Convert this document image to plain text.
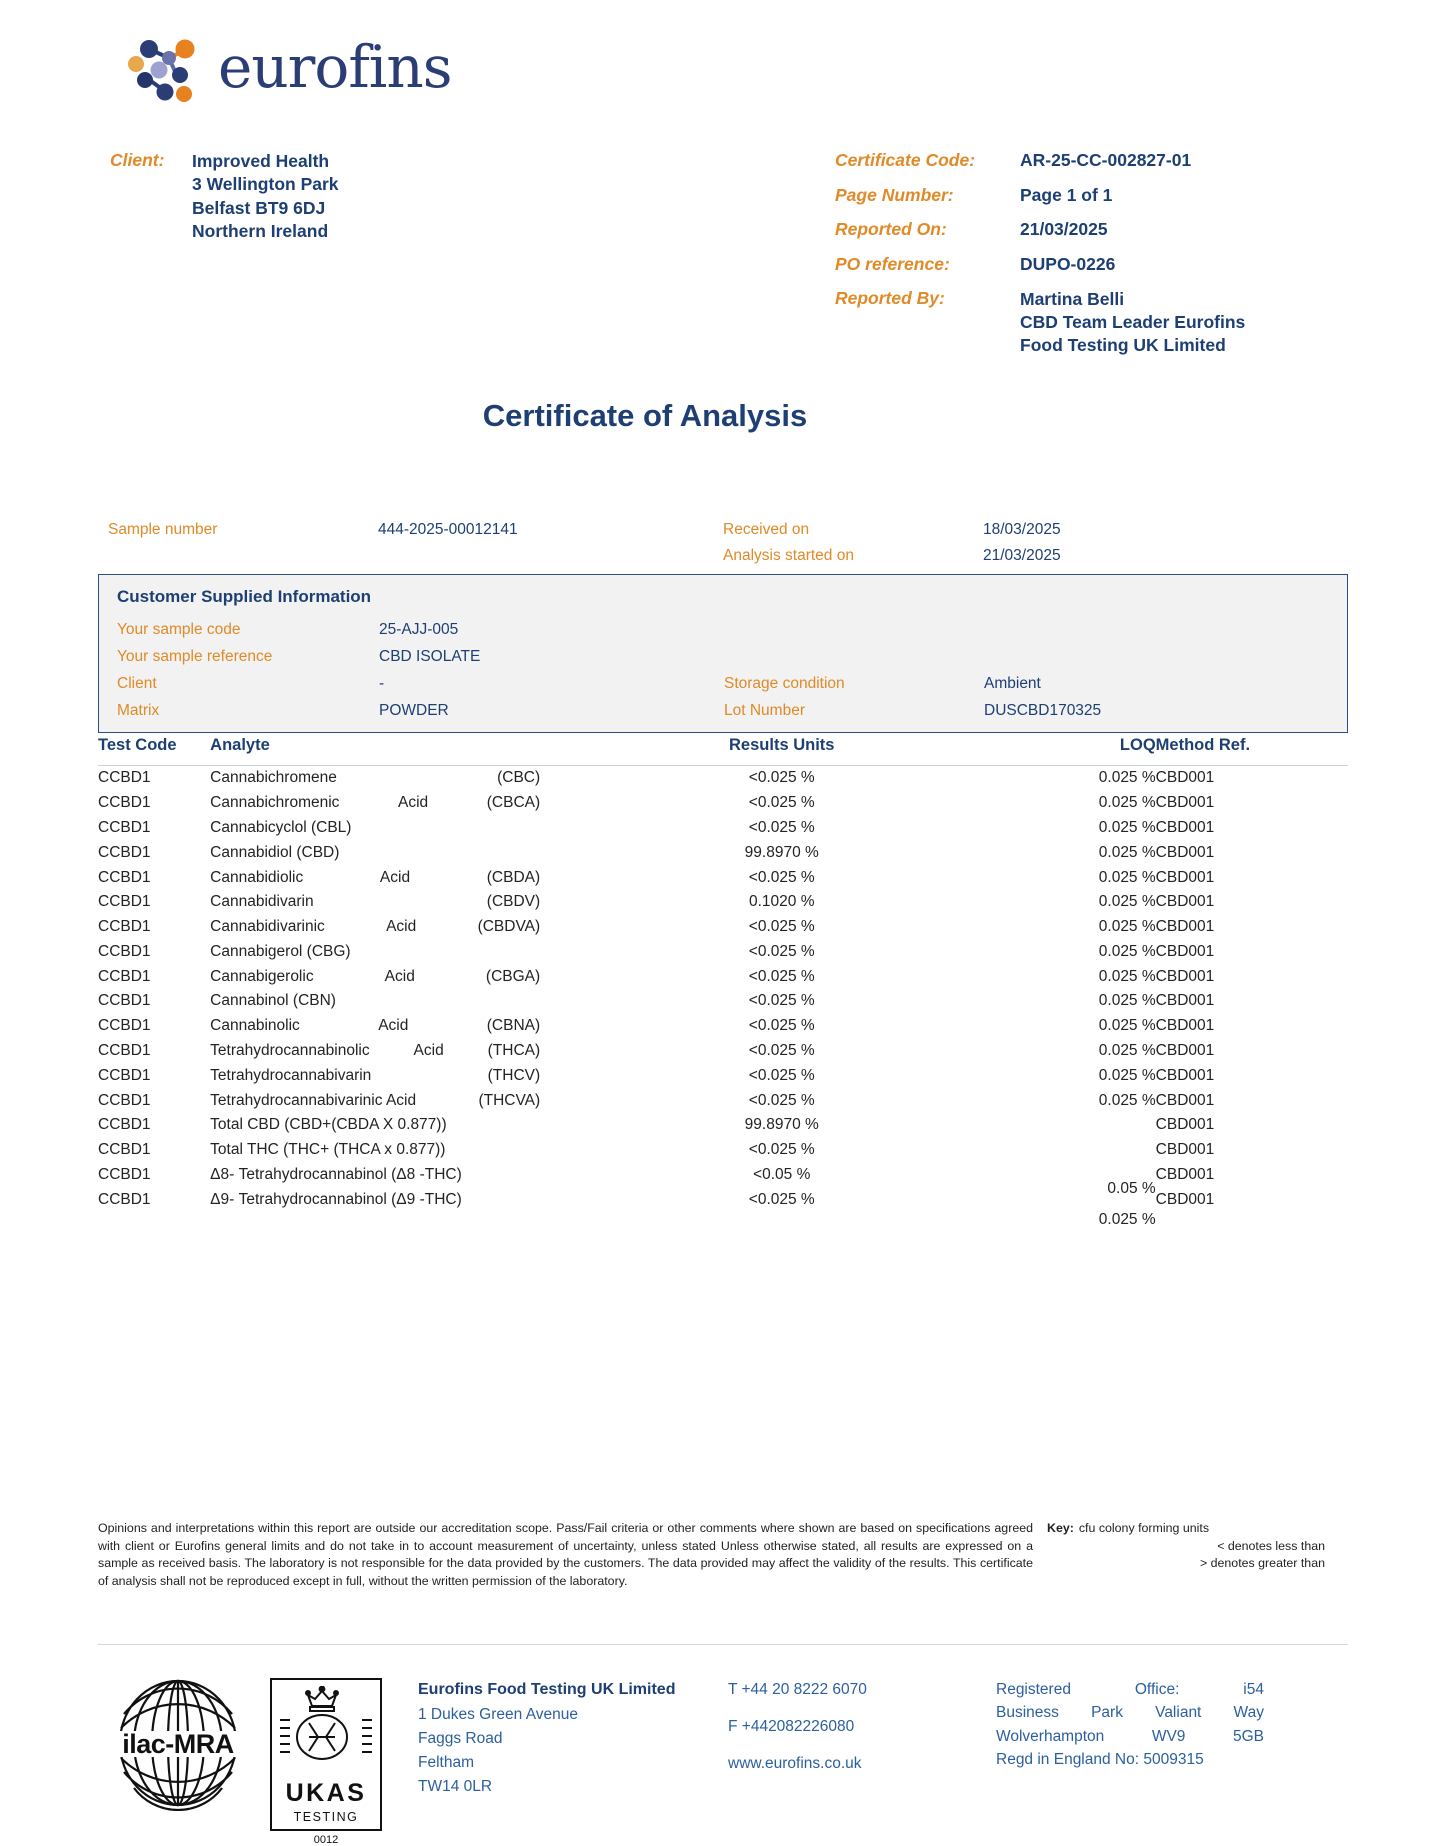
eurofins
Client:	Improved Health
3 Wellington Park
Belfast BT9 6DJ
Northern Ireland
Certificate Code:	AR-25-CC-002827-01
Page Number:	Page 1 of 1
Reported On:	21/03/2025
PO reference:	DUPO-0226
Reported By:	Martina Belli
CBD Team Leader Eurofins
Food Testing UK Limited
Certificate of Analysis
Sample number	444-2025-00012141	Received on	18/03/2025
Analysis started on	21/03/2025
Customer Supplied Information
Your sample code	25-AJJ-005
Your sample reference	CBD ISOLATE
Client	-	Storage condition	Ambient
Matrix	POWDER	Lot Number	DUSCBD170325
Test Code	Analyte	Results Units	LOQ	Method Ref.
CCBD1	Cannabichromene (CBC)	<0.025 %	0.025 %	CBD001
CCBD1	Cannabichromenic Acid (CBCA)	<0.025 %	0.025 %	CBD001
CCBD1	Cannabicyclol (CBL)	<0.025 %	0.025 %	CBD001
CCBD1	Cannabidiol (CBD)	99.8970 %	0.025 %	CBD001
CCBD1	Cannabidiolic Acid (CBDA)	<0.025 %	0.025 %	CBD001
CCBD1	Cannabidivarin (CBDV)	0.1020 %	0.025 %	CBD001
CCBD1	Cannabidivarinic Acid (CBDVA)	<0.025 %	0.025 %	CBD001
CCBD1	Cannabigerol (CBG)	<0.025 %	0.025 %	CBD001
CCBD1	Cannabigerolic Acid (CBGA)	<0.025 %	0.025 %	CBD001
CCBD1	Cannabinol (CBN)	<0.025 %	0.025 %	CBD001
CCBD1	Cannabinolic Acid (CBNA)	<0.025 %	0.025 %	CBD001
CCBD1	Tetrahydrocannabinolic Acid (THCA)	<0.025 %	0.025 %	CBD001
CCBD1	Tetrahydrocannabivarin (THCV)	<0.025 %	0.025 %	CBD001
CCBD1	Tetrahydrocannabivarinic Acid (THCVA)	<0.025 %	0.025 %	CBD001
CCBD1	Total CBD (CBD+(CBDA X 0.877))	99.8970 %		CBD001
CCBD1	Total THC (THC+ (THCA x 0.877))	<0.025 %		CBD001
CCBD1	Δ8- Tetrahydrocannabinol (Δ8 -THC)	<0.05 %	0.05 %	CBD001
CCBD1	Δ9- Tetrahydrocannabinol (Δ9 -THC)	<0.025 %	0.025 %	CBD001
Opinions and interpretations within this report are outside our accreditation scope. Pass/Fail criteria or other comments where shown are based on specifications agreed with client or Eurofins general limits and do not take in to account measurement of uncertainty, unless stated Unless otherwise stated, all results are expressed on a sample as received basis. The laboratory is not responsible for the data provided by the customers. The data provided may affect the validity of the results. This certificate of analysis shall not be reproduced except in full, without the written permission of the laboratory.
Key: cfu colony forming units
< denotes less than
> denotes greater than
ilac-MRA
UKAS
TESTING
0012
Eurofins Food Testing UK Limited
1 Dukes Green Avenue
Faggs Road
Feltham
TW14 0LR
T +44 20 8222 6070
F +442082226080
www.eurofins.co.uk
Registered	Office:	i54
Business Park Valiant Way
Wolverhampton	WV9	5GB
Regd in England No: 5009315
